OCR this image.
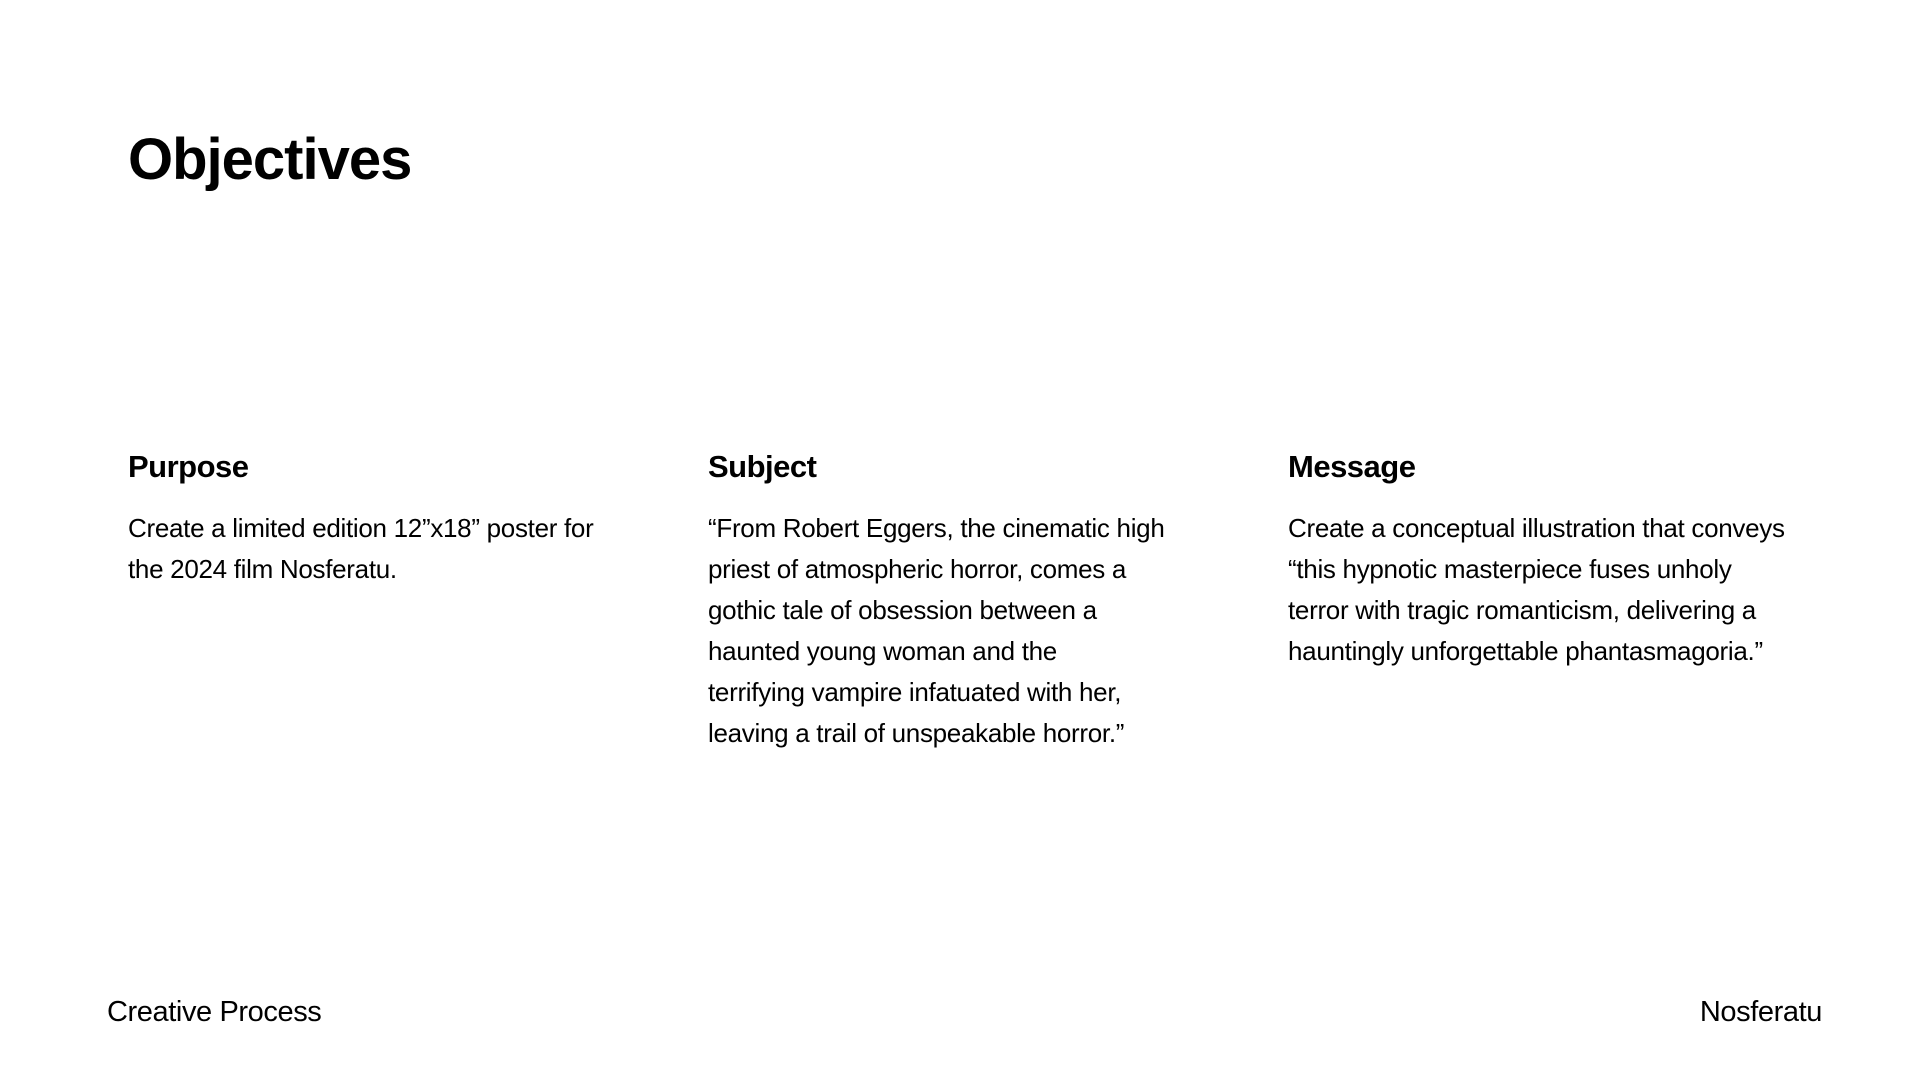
Objectives
Purpose

Create a limited edition 12”x18” poster for
the 2024 film Nosferatu.

Subject

“From Robert Eggers, the cinematic high
priest of atmospheric horror, comes a
gothic tale of obsession between a
haunted young woman and the
terrifying vampire infatuated with her,
leaving a trail of unspeakable horror.”

Message

Create a conceptual illustration that conveys
“this hypnotic masterpiece fuses unholy
terror with tragic romanticism, delivering a
hauntingly unforgettable phantasmagoria.”

Creative Process	Nosferatu
